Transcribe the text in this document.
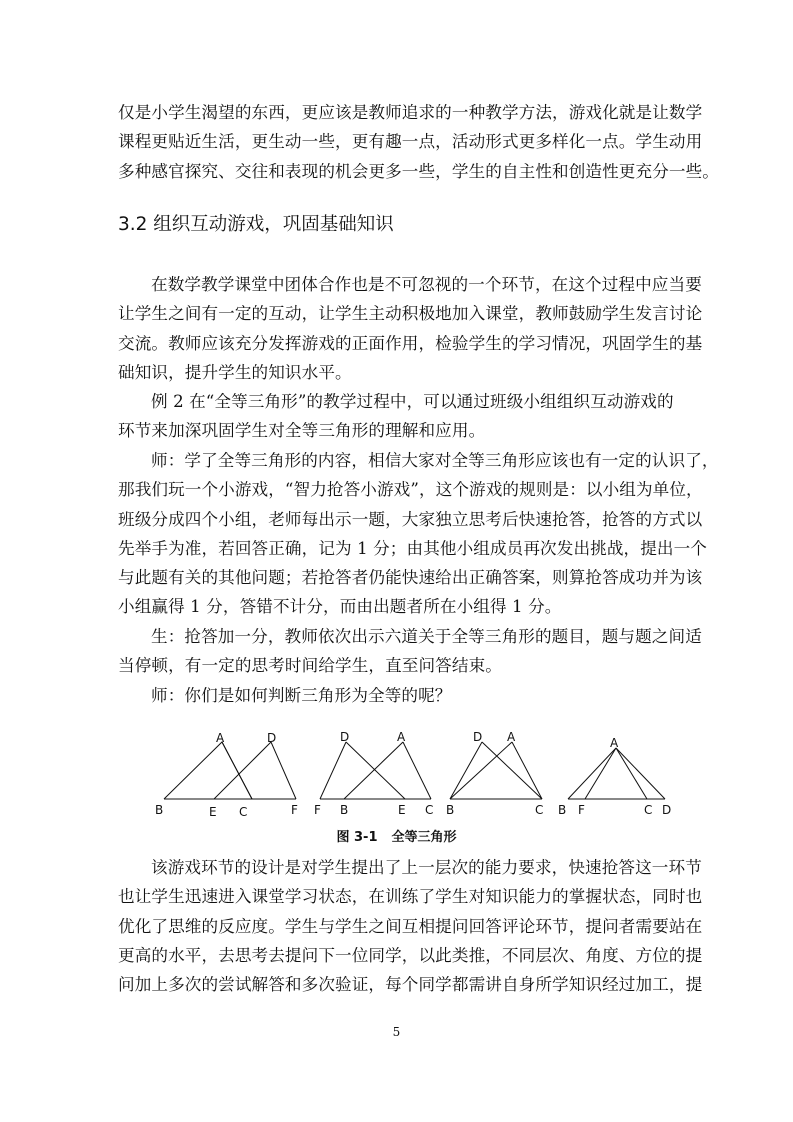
仅是小学生渴望的东西，更应该是教师追求的一种教学方法，游戏化就是让数学
课程更贴近生活，更生动一些，更有趣一点，活动形式更多样化一点。学生动用
多种感官探究、交往和表现的机会更多一些，学生的自主性和创造性更充分一些。

3.2 组织互动游戏，巩固基础知识

在数学教学课堂中团体合作也是不可忽视的一个环节，在这个过程中应当要
让学生之间有一定的互动，让学生主动积极地加入课堂，教师鼓励学生发言讨论
交流。教师应该充分发挥游戏的正面作用，检验学生的学习情况，巩固学生的基
础知识，提升学生的知识水平。

例 2 在“全等三角形”的教学过程中，可以通过班级小组组织互动游戏的
环节来加深巩固学生对全等三角形的理解和应用。

师：学了全等三角形的内容，相信大家对全等三角形应该也有一定的认识了，
那我们玩一个小游戏，“智力抢答小游戏”，这个游戏的规则是：以小组为单位，
班级分成四个小组，老师每出示一题，大家独立思考后快速抢答，抢答的方式以
先举手为准，若回答正确，记为 1 分；由其他小组成员再次发出挑战，提出一个
与此题有关的其他问题；若抢答者仍能快速给出正确答案，则算抢答成功并为该
小组赢得 1 分，答错不计分，而由出题者所在小组得 1 分。

生：抢答加一分，教师依次出示六道关于全等三角形的题目，题与题之间适
当停顿，有一定的思考时间给学生，直至问答结束。

师：你们是如何判断三角形为全等的呢？

A	D
B	E C	F
D	A
F B	E C
D A
B	C
A
B F	C D
图 3-1 全等三角形

该游戏环节的设计是对学生提出了上一层次的能力要求，快速抢答这一环节
也让学生迅速进入课堂学习状态，在训练了学生对知识能力的掌握状态，同时也
优化了思维的反应度。学生与学生之间互相提问回答评论环节，提问者需要站在
更高的水平，去思考去提问下一位同学，以此类推，不同层次、角度、方位的提
问加上多次的尝试解答和多次验证，每个同学都需讲自身所学知识经过加工，提

5
